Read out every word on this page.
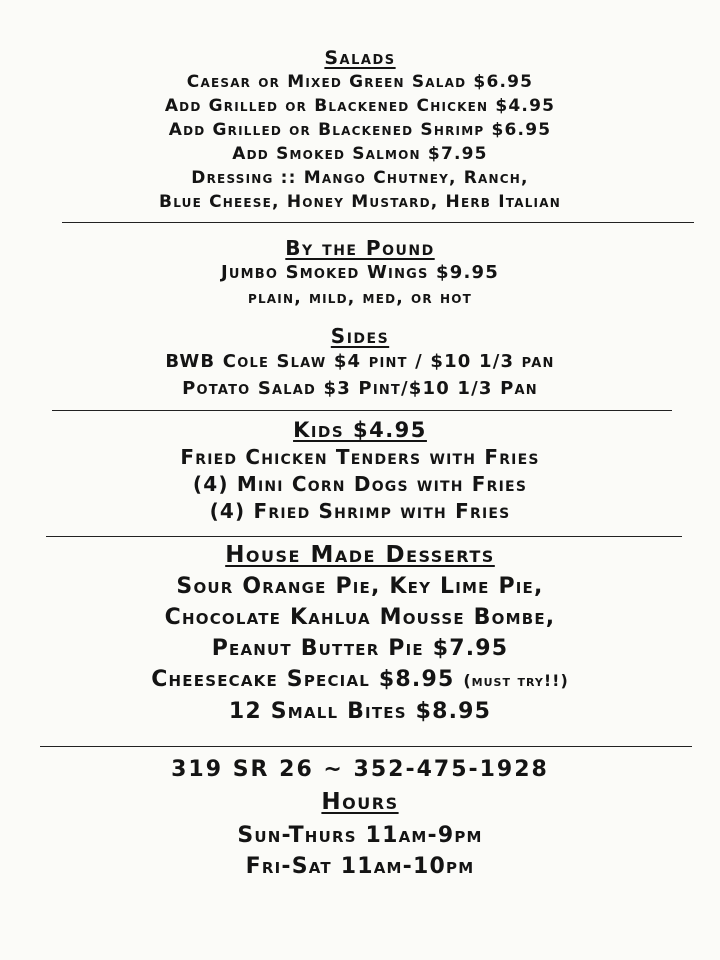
Salads
Caesar or Mixed Green Salad $6.95
Add Grilled or Blackened Chicken $4.95
Add Grilled or Blackened Shrimp $6.95
Add Smoked Salmon $7.95
Dressing :: Mango Chutney, Ranch,
Blue Cheese, Honey Mustard, Herb Italian
By the Pound
Jumbo Smoked Wings $9.95
plain, mild, med, or hot
Sides
BWB Cole Slaw $4 pint / $10 1/3 pan
Potato Salad $3 Pint/$10 1/3 Pan
Kids $4.95
Fried Chicken Tenders with Fries
(4) Mini Corn Dogs with Fries
(4) Fried Shrimp with Fries
House Made Desserts
Sour Orange Pie, Key Lime Pie,
Chocolate Kahlua Mousse Bombe,
Peanut Butter Pie $7.95
Cheesecake Special $8.95 (must try!!)
12 Small Bites $8.95
319 SR 26 ~ 352-475-1928
Hours
Sun-Thurs 11am-9pm
Fri-Sat 11am-10pm
